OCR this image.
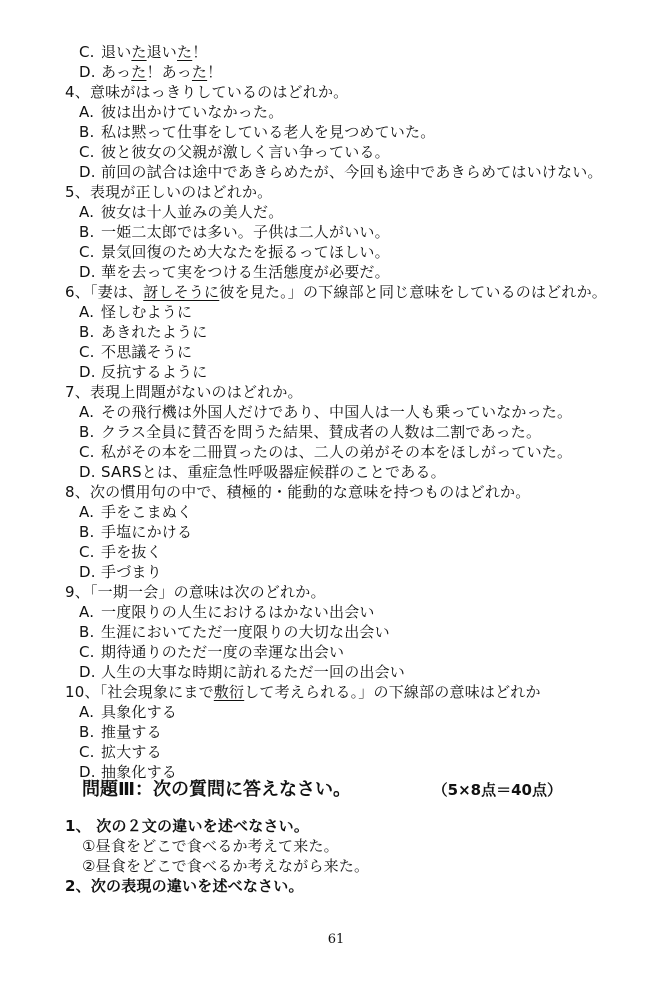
C. 退いた退いた！
D. あった！あった！
4、意味がはっきりしているのはどれか。
A. 彼は出かけていなかった。
B. 私は黙って仕事をしている老人を見つめていた。
C. 彼と彼女の父親が激しく言い争っている。
D. 前回の試合は途中であきらめたが、今回も途中であきらめてはいけない。
5、表現が正しいのはどれか。
A. 彼女は十人並みの美人だ。
B. 一姫二太郎では多い。子供は二人がいい。
C. 景気回復のため大なたを振るってほしい。
D. 華を去って実をつける生活態度が必要だ。
6、「妻は、訝しそうに彼を見た。」の下線部と同じ意味をしているのはどれか。
A. 怪しむように
B. あきれたように
C. 不思議そうに
D. 反抗するように
7、表現上問題がないのはどれか。
A. その飛行機は外国人だけであり、中国人は一人も乗っていなかった。
B. クラス全員に賛否を問うた結果、賛成者の人数は二割であった。
C. 私がその本を二冊買ったのは、二人の弟がその本をほしがっていた。
D. SARSとは、重症急性呼吸器症候群のことである。
8、次の慣用句の中で、積極的・能動的な意味を持つものはどれか。
A. 手をこまぬく
B. 手塩にかける
C. 手を抜く
D. 手づまり
9、「一期一会」の意味は次のどれか。
A. 一度限りの人生におけるはかない出会い
B. 生涯においてただ一度限りの大切な出会い
C. 期待通りのただ一度の幸運な出会い
D. 人生の大事な時期に訪れるただ一回の出会い
10、「社会現象にまで敷衍して考えられる。」の下線部の意味はどれか
A. 具象化する
B. 推量する
C. 拡大する
D. 抽象化する
問題Ⅲ：次の質問に答えなさい。	（5×8点＝40点）
1、 次の２文の違いを述べなさい。
①昼食をどこで食べるか考えて来た。
②昼食をどこで食べるか考えながら来た。
2、次の表現の違いを述べなさい。
61
